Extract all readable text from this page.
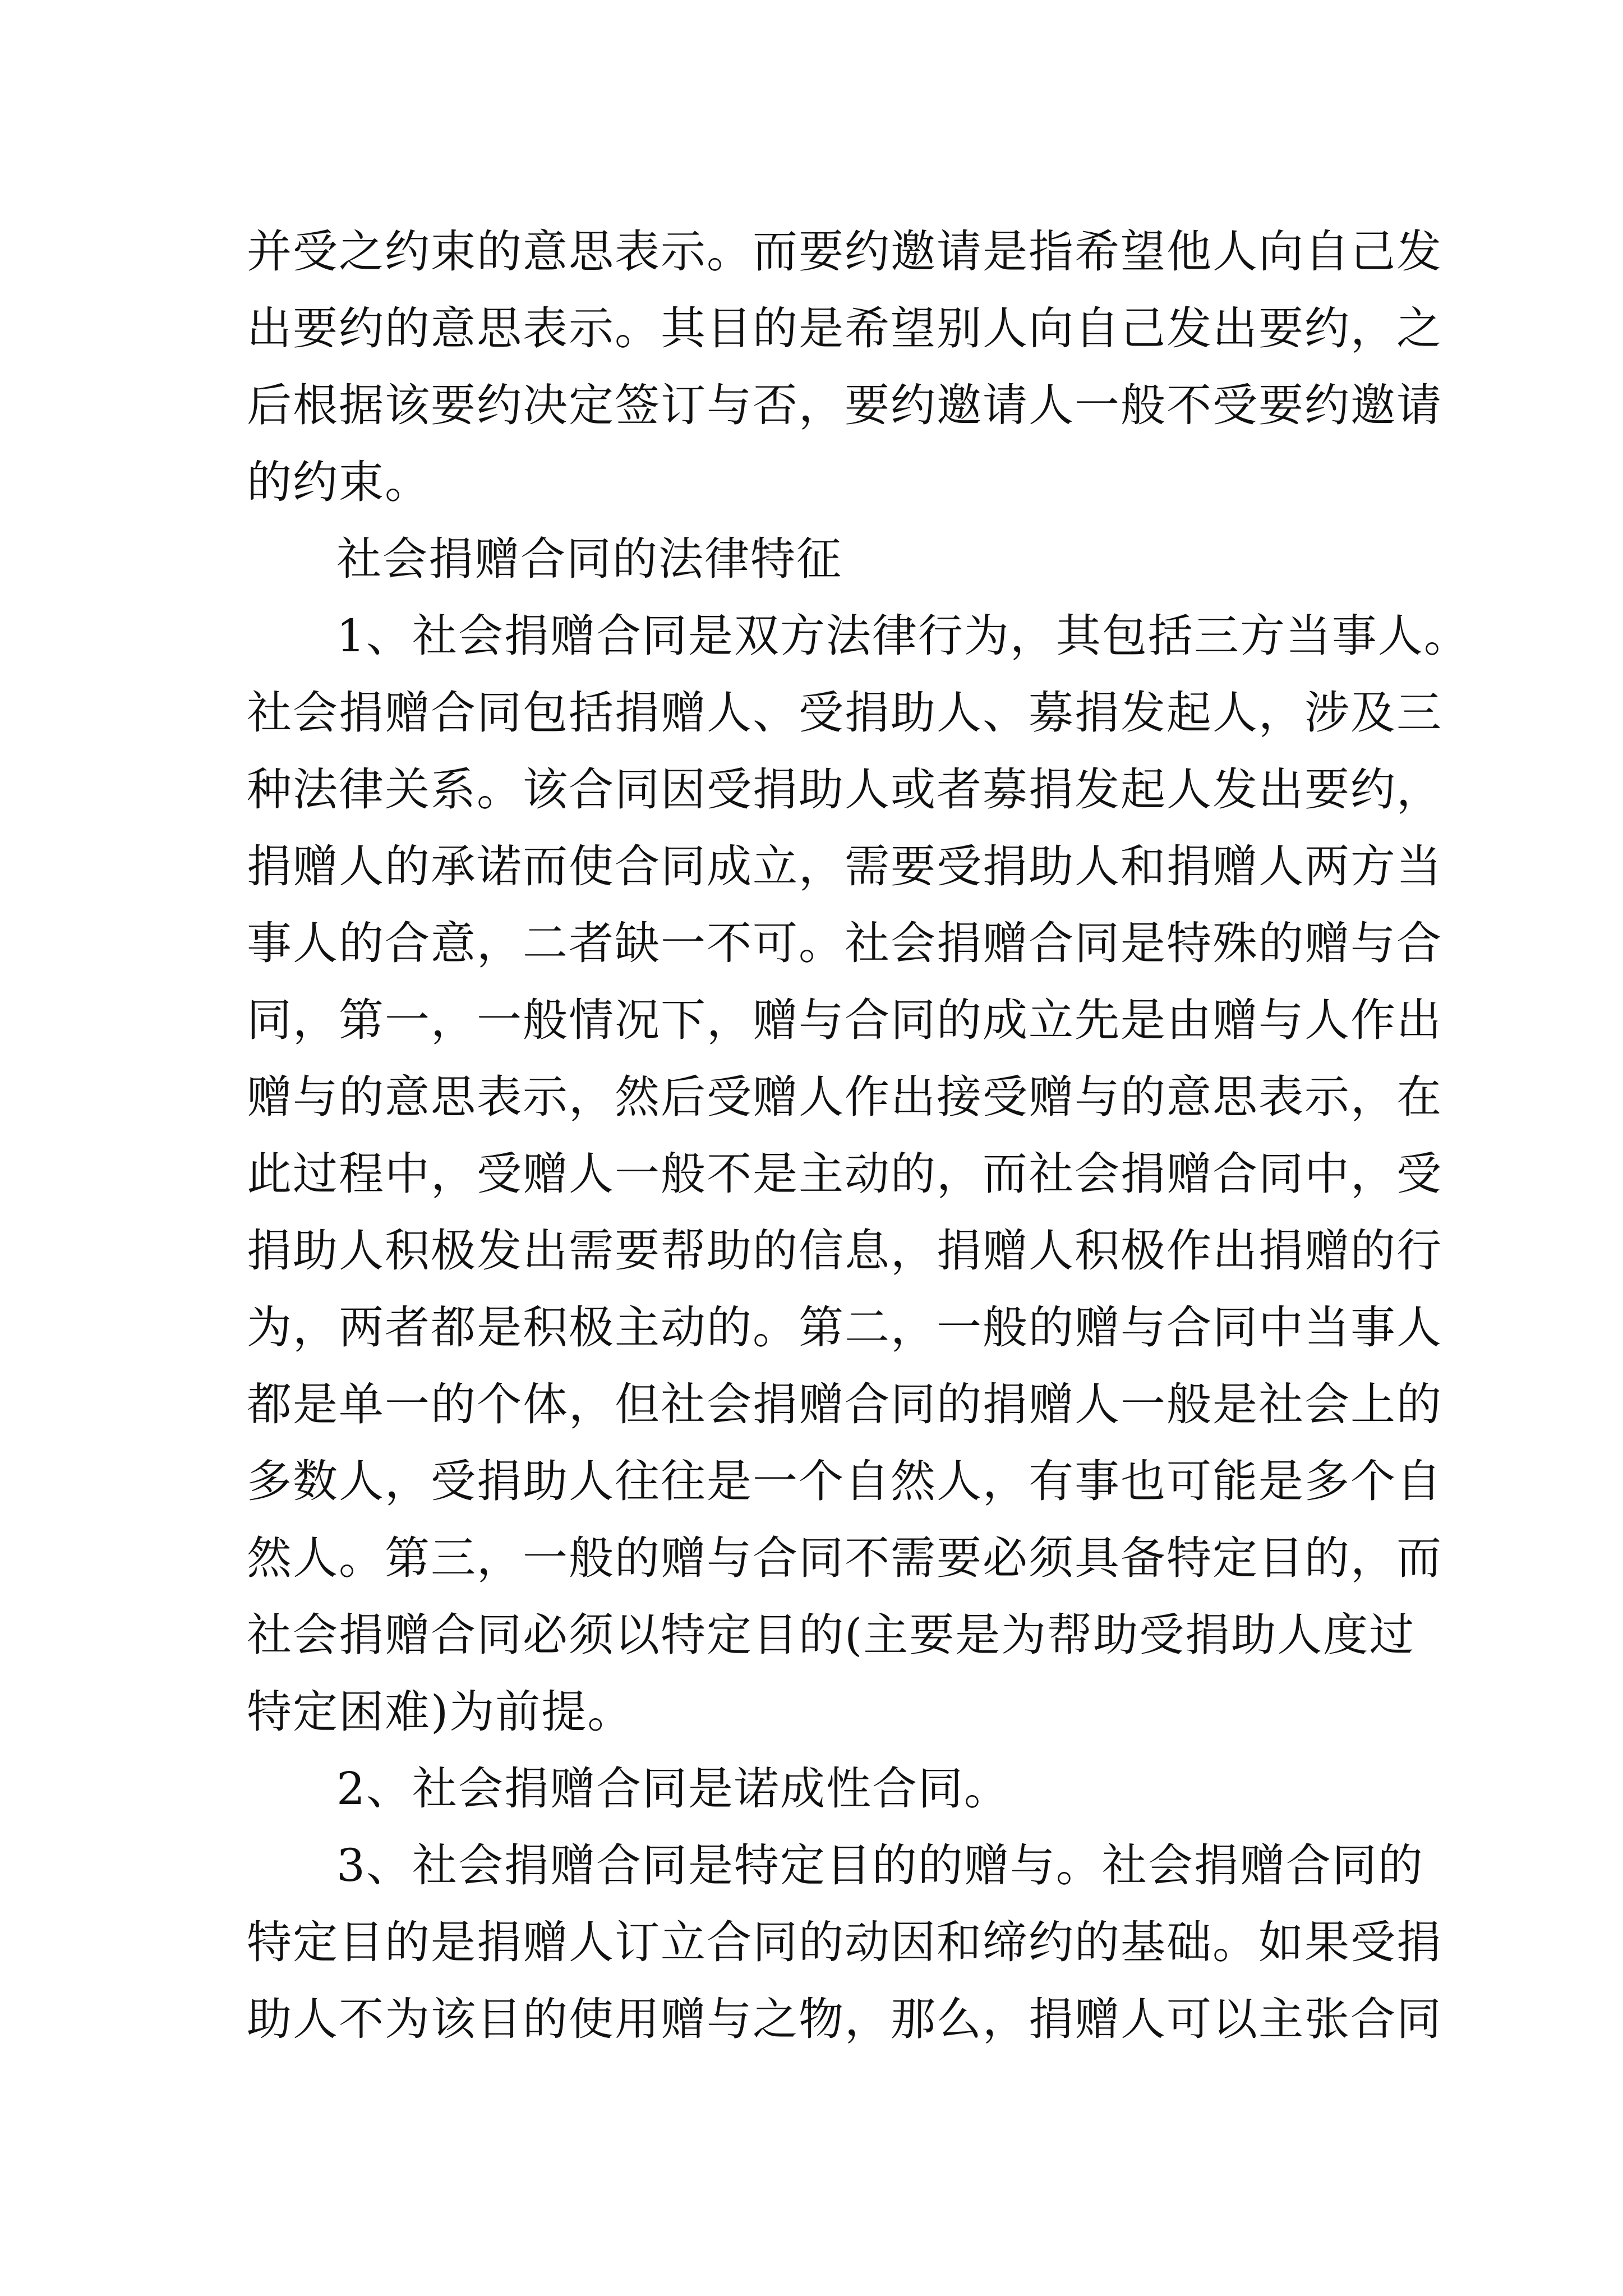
并受之约束的意思表示。而要约邀请是指希望他人向自己发
出要约的意思表示。其目的是希望别人向自己发出要约，之
后根据该要约决定签订与否，要约邀请人一般不受要约邀请
的约束。
社会捐赠合同的法律特征
1、社会捐赠合同是双方法律行为，其包括三方当事人。
社会捐赠合同包括捐赠人、受捐助人、募捐发起人，涉及三
种法律关系。该合同因受捐助人或者募捐发起人发出要约，
捐赠人的承诺而使合同成立，需要受捐助人和捐赠人两方当
事人的合意，二者缺一不可。社会捐赠合同是特殊的赠与合
同，第一，一般情况下，赠与合同的成立先是由赠与人作出
赠与的意思表示，然后受赠人作出接受赠与的意思表示，在
此过程中，受赠人一般不是主动的，而社会捐赠合同中，受
捐助人积极发出需要帮助的信息，捐赠人积极作出捐赠的行
为，两者都是积极主动的。第二，一般的赠与合同中当事人
都是单一的个体，但社会捐赠合同的捐赠人一般是社会上的
多数人，受捐助人往往是一个自然人，有事也可能是多个自
然人。第三，一般的赠与合同不需要必须具备特定目的，而
社会捐赠合同必须以特定目的(主要是为帮助受捐助人度过
特定困难)为前提。
2、社会捐赠合同是诺成性合同。
3、社会捐赠合同是特定目的的赠与。社会捐赠合同的
特定目的是捐赠人订立合同的动因和缔约的基础。如果受捐
助人不为该目的使用赠与之物，那么，捐赠人可以主张合同
